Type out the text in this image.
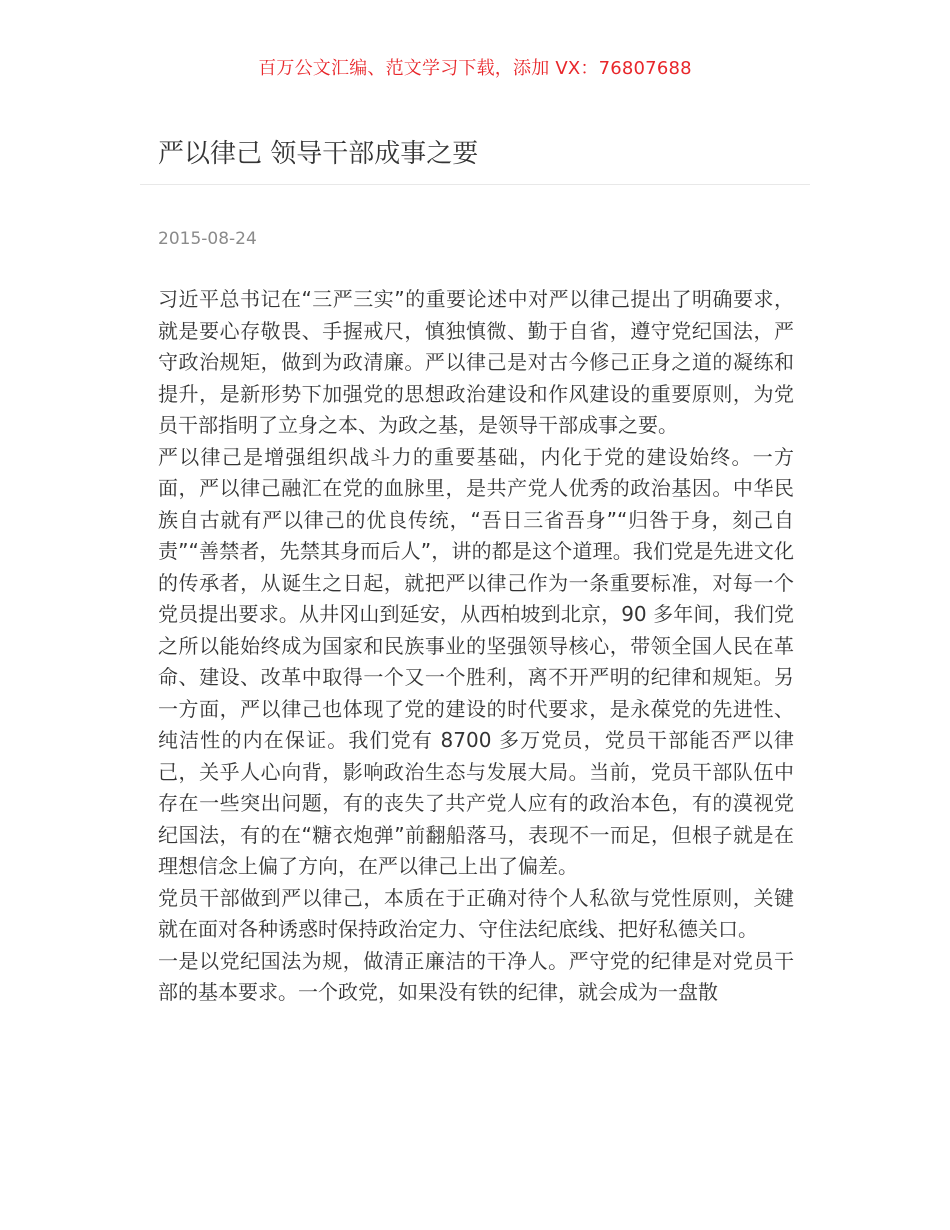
百万公文汇编、范文学习下载，添加 VX：76807688
严以律己 领导干部成事之要
2015-08-24

习近平总书记在“三严三实”的重要论述中对严以律己提出了明确要求，就是要心存敬畏、手握戒尺，慎独慎微、勤于自省，遵守党纪国法，严守政治规矩，做到为政清廉。严以律己是对古今修己正身之道的凝练和提升，是新形势下加强党的思想政治建设和作风建设的重要原则，为党员干部指明了立身之本、为政之基，是领导干部成事之要。

严以律己是增强组织战斗力的重要基础，内化于党的建设始终。一方面，严以律己融汇在党的血脉里，是共产党人优秀的政治基因。中华民族自古就有严以律己的优良传统，“吾日三省吾身”“归咎于身，刻己自责”“善禁者，先禁其身而后人”，讲的都是这个道理。我们党是先进文化的传承者，从诞生之日起，就把严以律己作为一条重要标准，对每一个党员提出要求。从井冈山到延安，从西柏坡到北京，90 多年间，我们党之所以能始终成为国家和民族事业的坚强领导核心，带领全国人民在革命、建设、改革中取得一个又一个胜利，离不开严明的纪律和规矩。另一方面，严以律己也体现了党的建设的时代要求，是永葆党的先进性、纯洁性的内在保证。我们党有 8700 多万党员，党员干部能否严以律己，关乎人心向背，影响政治生态与发展大局。当前，党员干部队伍中存在一些突出问题，有的丧失了共产党人应有的政治本色，有的漠视党纪国法，有的在“糖衣炮弹”前翻船落马，表现不一而足，但根子就是在理想信念上偏了方向，在严以律己上出了偏差。

党员干部做到严以律己，本质在于正确对待个人私欲与党性原则，关键就在面对各种诱惑时保持政治定力、守住法纪底线、把好私德关口。

一是以党纪国法为规，做清正廉洁的干净人。严守党的纪律是对党员干部的基本要求。一个政党，如果没有铁的纪律，就会成为一盘散
